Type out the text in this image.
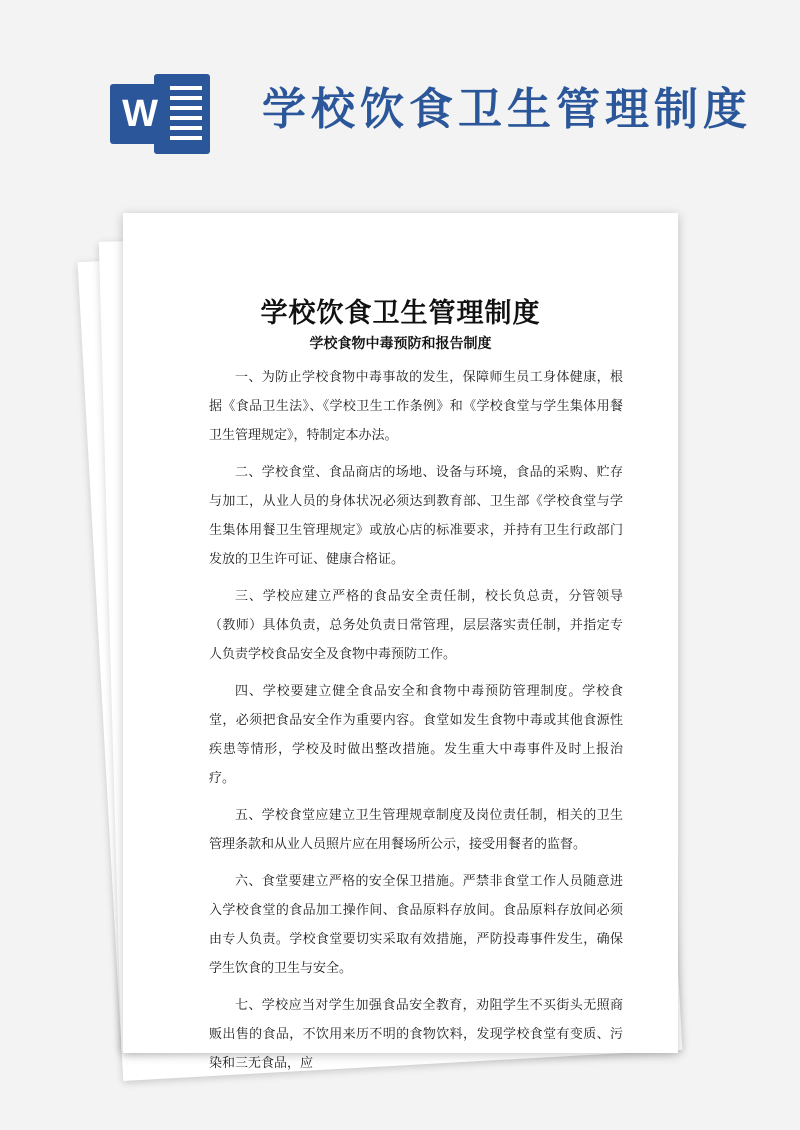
W 学校饮食卫生管理制度
学校饮食卫生管理制度
学校食物中毒预防和报告制度

一、为防止学校食物中毒事故的发生，保障师生员工身体健康，根据《食品卫生法》、《学校卫生工作条例》和《学校食堂与学生集体用餐卫生管理规定》，特制定本办法。

二、学校食堂、食品商店的场地、设备与环境，食品的采购、贮存与加工，从业人员的身体状况必须达到教育部、卫生部《学校食堂与学生集体用餐卫生管理规定》或放心店的标准要求，并持有卫生行政部门发放的卫生许可证、健康合格证。

三、学校应建立严格的食品安全责任制，校长负总责，分管领导（教师）具体负责，总务处负责日常管理，层层落实责任制，并指定专人负责学校食品安全及食物中毒预防工作。

四、学校要建立健全食品安全和食物中毒预防管理制度。学校食堂，必须把食品安全作为重要内容。食堂如发生食物中毒或其他食源性疾患等情形，学校及时做出整改措施。发生重大中毒事件及时上报治疗。

五、学校食堂应建立卫生管理规章制度及岗位责任制，相关的卫生管理条款和从业人员照片应在用餐场所公示，接受用餐者的监督。

六、食堂要建立严格的安全保卫措施。严禁非食堂工作人员随意进入学校食堂的食品加工操作间、食品原料存放间。食品原料存放间必须由专人负责。学校食堂要切实采取有效措施，严防投毒事件发生，确保学生饮食的卫生与安全。

七、学校应当对学生加强食品安全教育，劝阻学生不买街头无照商贩出售的食品，不饮用来历不明的食物饮料，发现学校食堂有变质、污染和三无食品，应
